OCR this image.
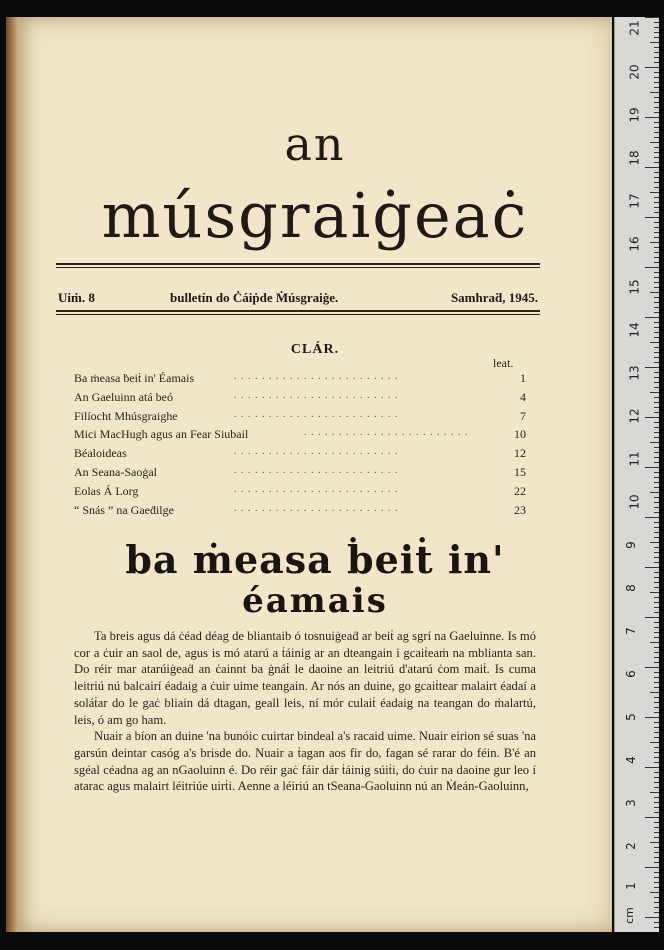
an
músgraiġeaċ
Uiṁ. 8	bulletín do Ċáiṗde Ṁúsgraiġe.	Samhraḋ, 1945.
CLÁR.
leat.
Ba ṁeasa ḃeiṫ in' Éamais	. . . . . . . . . . . . . . . . . . . . . . . .	1
An Gaeluinn atá beó	. . . . . . . . . . . . . . . . . . . . . . . .	4
Filíocht Mhúsgraighe	. . . . . . . . . . . . . . . . . . . . . . . .	7
Mici MacHugh agus an Fear Siubail	. . . . . . . . . . . . . . . . . . . . . . . .	10
Béaloideas	. . . . . . . . . . . . . . . . . . . . . . . .	12
An Seana-Saoġal	. . . . . . . . . . . . . . . . . . . . . . . .	15
Eolas Á Lorg	. . . . . . . . . . . . . . . . . . . . . . . .	22
“ Snás ” na Gaeḋilge	. . . . . . . . . . . . . . . . . . . . . . . .	23
ba ṁeasa ḃeiṫ in'
éamais

Ta breis agus dá ċéad déag de bliantaib ó tosnuiġeaḋ ar beiṫ ag sgrí na Gaeluinne. Is mó cor a ċuir an saol de, agus is mó atarú a ṫáinig ar an dteangain i gcaiṫeaṁ na mblianta san. Do réir mar atarúiġeaḋ an ċainnt ba ġnáṫ le daoine an leitriú d'atarú ċom maiṫ. Is cuma leitriú nú balcairí éadaig a ċuir uime teangain. Ar nós an duine, go gcaiṫtear malairt éadaí a soláṫar do le gaċ bliain dá dtagan, geall leis, ní mór culaiṫ éadaig na teangan do ṁalartú, leis, ó am go ham.

Nuair a bíon an duine 'na bunóic cuirtar bindeal a's racaid uime. Nuair eirion sé suas 'na garsún deintar casóg a's brisde do. Nuair a ṫagan aos fir do, fagan sé rarar do féin. B'é an sgéal céadna ag an nGaoluinn é. Do réir gaċ fáir dár ṫáinig súiṫi, do ċuir na daoine gur leo í atarac agus malairt léitriúe uirṫi. Aenne a léiriú an tSeana-Gaoluinn nú an Ṁeán-Gaoluinn,

21
20
19
18
17
16
15
14
13
12
11
10
9
8
7
6
5
4
3
2
1
cm
